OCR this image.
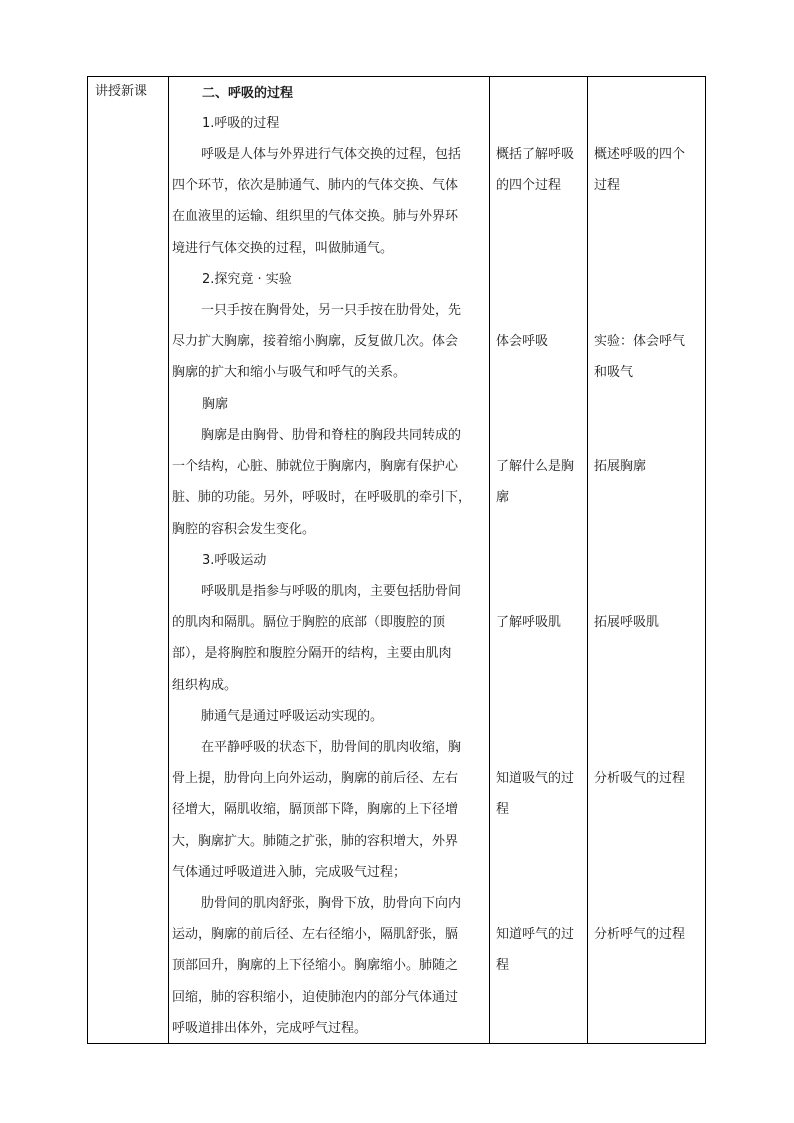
讲授新课	二、呼吸的过程
1.呼吸的过程
呼吸是人体与外界进行气体交换的过程，包括
四个环节，依次是肺通气、肺内的气体交换、气体
在血液里的运输、组织里的气体交换。肺与外界环
境进行气体交换的过程，叫做肺通气。
2.探究竟 · 实验
一只手按在胸骨处，另一只手按在肋骨处，先
尽力扩大胸廓，接着缩小胸廓，反复做几次。体会
胸廓的扩大和缩小与吸气和呼气的关系。
胸廓
胸廓是由胸骨、肋骨和脊柱的胸段共同转成的
一个结构，心脏、肺就位于胸廓内，胸廓有保护心
脏、肺的功能。另外，呼吸时，在呼吸肌的牵引下，
胸腔的容积会发生变化。
3.呼吸运动
呼吸肌是指参与呼吸的肌肉，主要包括肋骨间
的肌肉和隔肌。膈位于胸腔的底部（即腹腔的顶
部），是将胸腔和腹腔分隔开的结构，主要由肌肉
组织构成。
肺通气是通过呼吸运动实现的。
在平静呼吸的状态下，肋骨间的肌肉收缩，胸
骨上提，肋骨向上向外运动，胸廓的前后径、左右
径增大，隔肌收缩，膈顶部下降，胸廓的上下径增
大，胸廓扩大。肺随之扩张，肺的容积增大，外界
气体通过呼吸道进入肺，完成吸气过程；
肋骨间的肌肉舒张，胸骨下放，肋骨向下向内
运动，胸廓的前后径、左右径缩小，隔肌舒张，膈
顶部回升，胸廓的上下径缩小。胸廓缩小。肺随之
回缩，肺的容积缩小，迫使肺泡内的部分气体通过
呼吸道排出体外，完成呼气过程。
概括了解呼吸
的四个过程
体会呼吸
了解什么是胸
廓
了解呼吸肌
知道吸气的过
程
知道呼气的过
程
概述呼吸的四个
过程
实验：体会呼气
和吸气
拓展胸廓
拓展呼吸肌
分析吸气的过程
分析呼气的过程
